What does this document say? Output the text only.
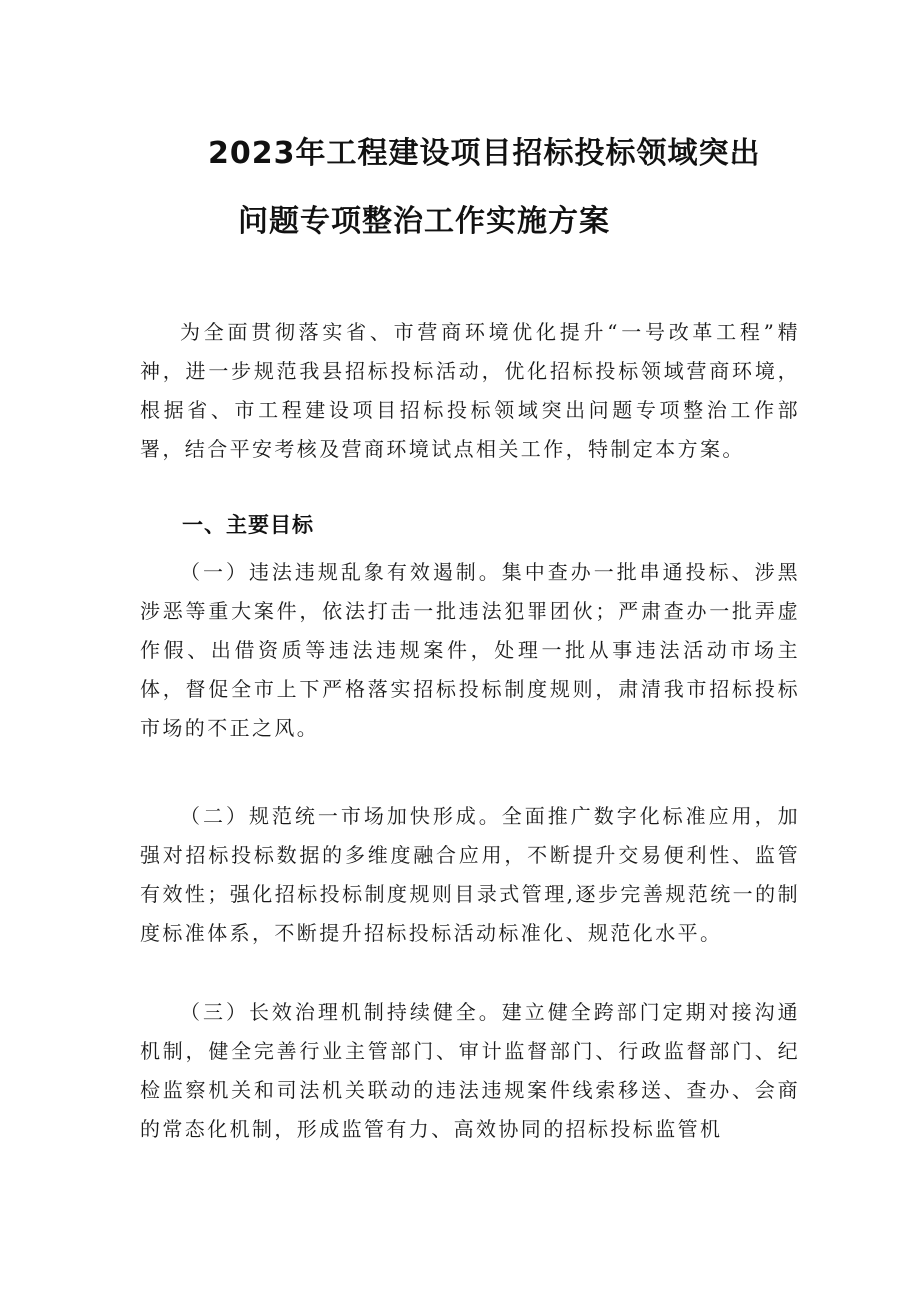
2023年工程建设项目招标投标领域突出
问题专项整治工作实施方案

为全面贯彻落实省、市营商环境优化提升“一号改革工程”精神，进一步规范我县招标投标活动，优化招标投标领域营商环境，根据省、市工程建设项目招标投标领域突出问题专项整治工作部署，结合平安考核及营商环境试点相关工作，特制定本方案。

一、主要目标

（一）违法违规乱象有效遏制。集中查办一批串通投标、涉黑涉恶等重大案件，依法打击一批违法犯罪团伙；严肃查办一批弄虚作假、出借资质等违法违规案件，处理一批从事违法活动市场主体，督促全市上下严格落实招标投标制度规则，肃清我市招标投标市场的不正之风。

（二）规范统一市场加快形成。全面推广数字化标准应用，加强对招标投标数据的多维度融合应用，不断提升交易便利性、监管有效性；强化招标投标制度规则目录式管理,逐步完善规范统一的制度标准体系，不断提升招标投标活动标准化、规范化水平。

（三）长效治理机制持续健全。建立健全跨部门定期对接沟通机制，健全完善行业主管部门、审计监督部门、行政监督部门、纪检监察机关和司法机关联动的违法违规案件线索移送、查办、会商的常态化机制，形成监管有力、高效协同的招标投标监管机
